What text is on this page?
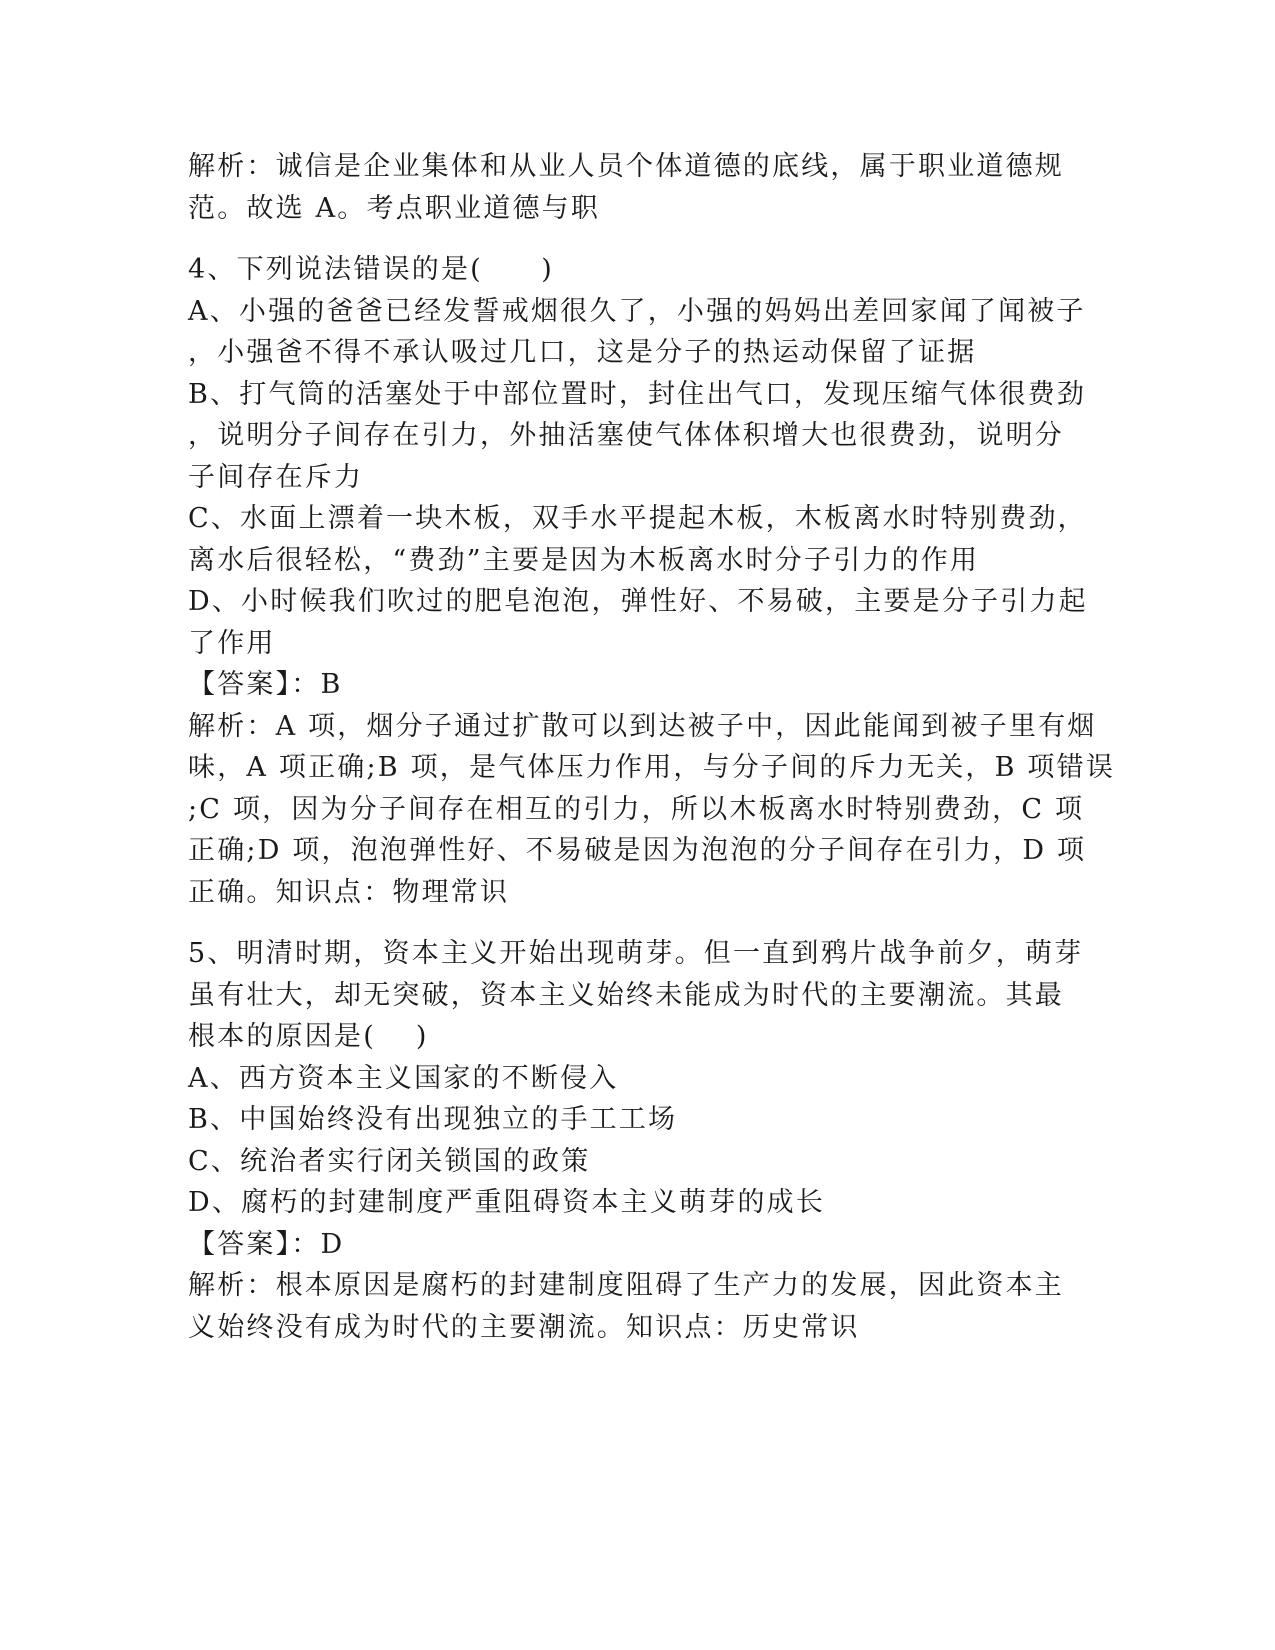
解析：诚信是企业集体和从业人员个体道德的底线，属于职业道德规
范。故选 A。考点职业道德与职
4、下列说法错误的是(　　)
A、小强的爸爸已经发誓戒烟很久了，小强的妈妈出差回家闻了闻被子
，小强爸不得不承认吸过几口，这是分子的热运动保留了证据
B、打气筒的活塞处于中部位置时，封住出气口，发现压缩气体很费劲
，说明分子间存在引力，外抽活塞使气体体积增大也很费劲，说明分
子间存在斥力
C、水面上漂着一块木板，双手水平提起木板，木板离水时特别费劲，
离水后很轻松，“费劲”主要是因为木板离水时分子引力的作用
D、小时候我们吹过的肥皂泡泡，弹性好、不易破，主要是分子引力起
了作用
【答案】：B
解析：A 项，烟分子通过扩散可以到达被子中，因此能闻到被子里有烟
味，A 项正确;B 项，是气体压力作用，与分子间的斥力无关，B 项错误
;C 项，因为分子间存在相互的引力，所以木板离水时特别费劲，C 项
正确;D 项，泡泡弹性好、不易破是因为泡泡的分子间存在引力，D 项
正确。知识点：物理常识
5、明清时期，资本主义开始出现萌芽。但一直到鸦片战争前夕，萌芽
虽有壮大，却无突破，资本主义始终未能成为时代的主要潮流。其最
根本的原因是(　 )
A、西方资本主义国家的不断侵入
B、中国始终没有出现独立的手工工场
C、统治者实行闭关锁国的政策
D、腐朽的封建制度严重阻碍资本主义萌芽的成长
【答案】：D
解析：根本原因是腐朽的封建制度阻碍了生产力的发展，因此资本主
义始终没有成为时代的主要潮流。知识点：历史常识
